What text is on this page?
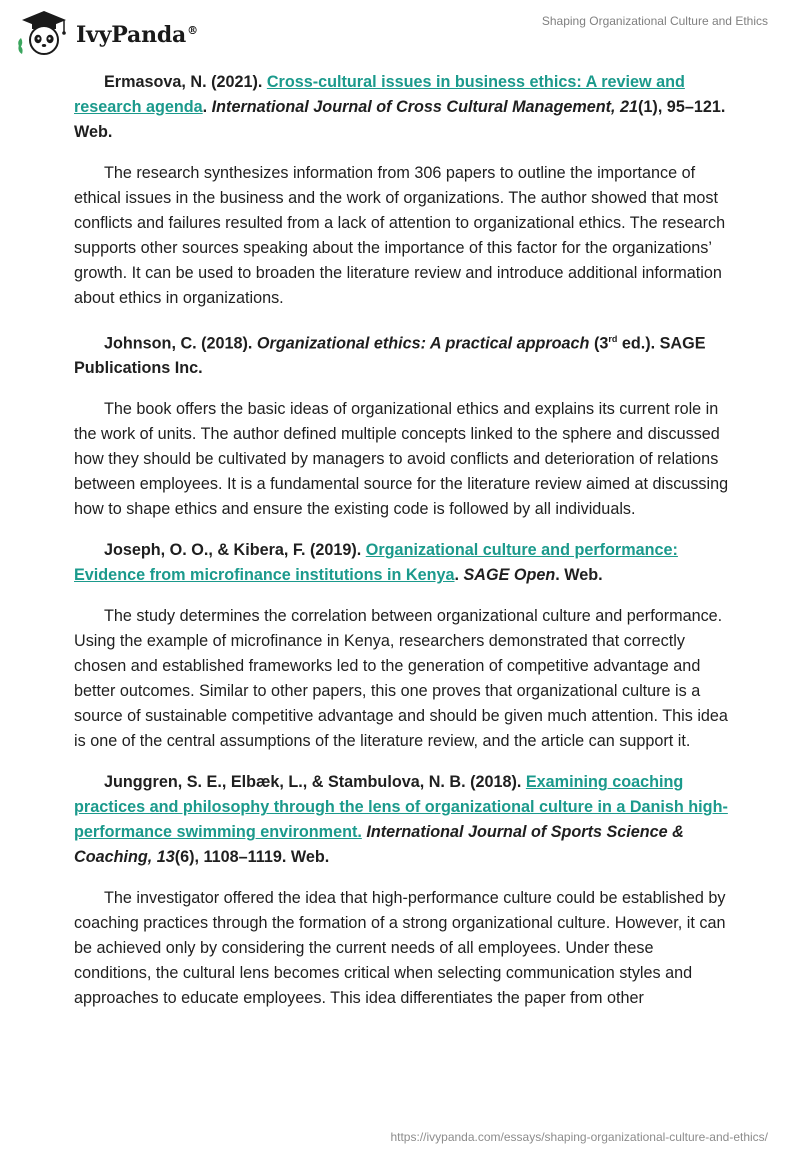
IvyPanda®
Shaping Organizational Culture and Ethics

Ermasova, N. (2021). Cross-cultural issues in business ethics: A review and research agenda. International Journal of Cross Cultural Management, 21(1), 95–121. Web.

The research synthesizes information from 306 papers to outline the importance of ethical issues in the business and the work of organizations. The author showed that most conflicts and failures resulted from a lack of attention to organizational ethics. The research supports other sources speaking about the importance of this factor for the organizations’ growth. It can be used to broaden the literature review and introduce additional information about ethics in organizations.

Johnson, C. (2018). Organizational ethics: A practical approach (3rd ed.). SAGE Publications Inc.

The book offers the basic ideas of organizational ethics and explains its current role in the work of units. The author defined multiple concepts linked to the sphere and discussed how they should be cultivated by managers to avoid conflicts and deterioration of relations between employees. It is a fundamental source for the literature review aimed at discussing how to shape ethics and ensure the existing code is followed by all individuals.

Joseph, O. O., & Kibera, F. (2019). Organizational culture and performance: Evidence from microfinance institutions in Kenya. SAGE Open. Web.

The study determines the correlation between organizational culture and performance. Using the example of microfinance in Kenya, researchers demonstrated that correctly chosen and established frameworks led to the generation of competitive advantage and better outcomes. Similar to other papers, this one proves that organizational culture is a source of sustainable competitive advantage and should be given much attention. This idea is one of the central assumptions of the literature review, and the article can support it.

Junggren, S. E., Elbæk, L., & Stambulova, N. B. (2018). Examining coaching practices and philosophy through the lens of organizational culture in a Danish high-performance swimming environment. International Journal of Sports Science & Coaching, 13(6), 1108–1119. Web.

The investigator offered the idea that high-performance culture could be established by coaching practices through the formation of a strong organizational culture. However, it can be achieved only by considering the current needs of all employees. Under these conditions, the cultural lens becomes critical when selecting communication styles and approaches to educate employees. This idea differentiates the paper from other

https://ivypanda.com/essays/shaping-organizational-culture-and-ethics/
